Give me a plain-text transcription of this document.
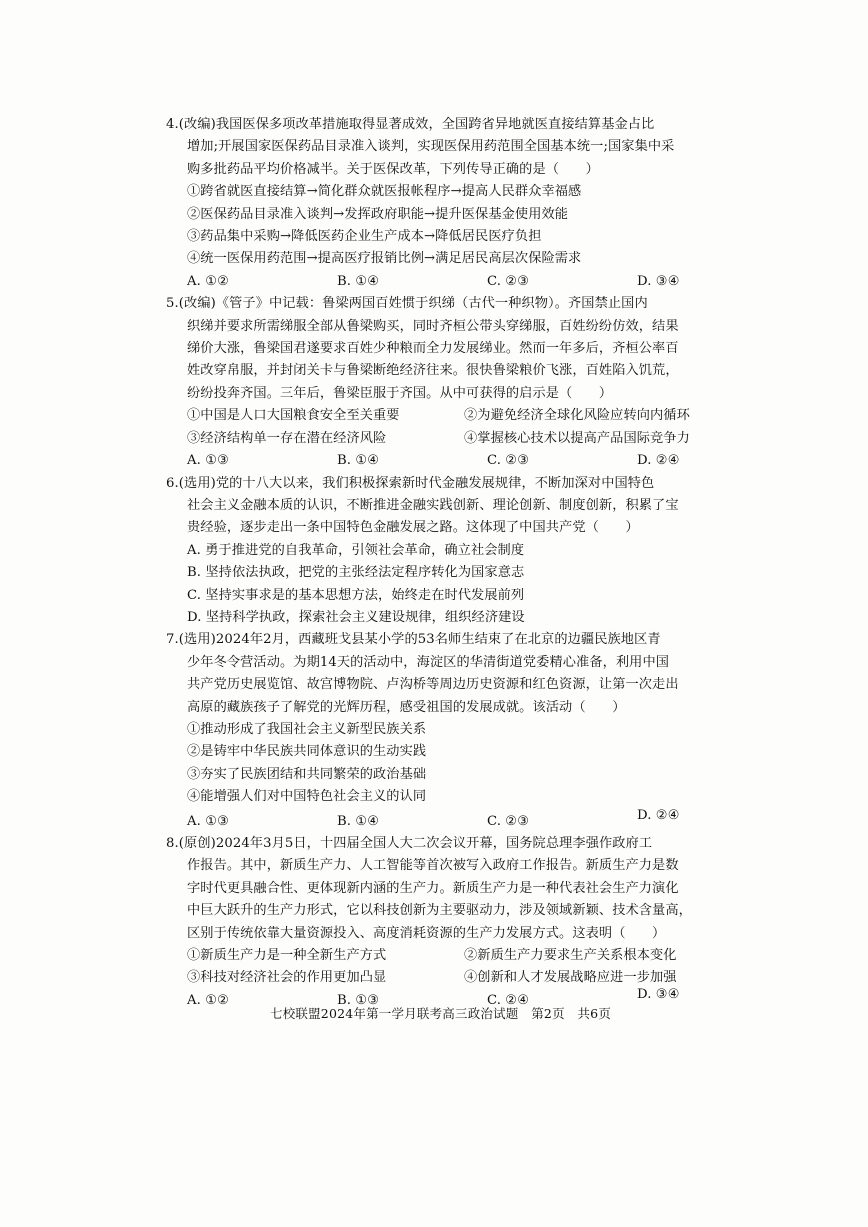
4.(改编)我国医保多项改革措施取得显著成效，全国跨省异地就医直接结算基金占比

增加;开展国家医保药品目录准入谈判，实现医保用药范围全国基本统一;国家集中采

购多批药品平均价格减半。关于医保改革，下列传导正确的是（　　）

①跨省就医直接结算→简化群众就医报帐程序→提高人民群众幸福感

②医保药品目录准入谈判→发挥政府职能→提升医保基金使用效能

③药品集中采购→降低医药企业生产成本→降低居民医疗负担

④统一医保用药范围→提高医疗报销比例→满足居民高层次保险需求

A. ①②	B. ①④	C. ②③	D. ③④

5.(改编)《管子》中记载：鲁梁两国百姓惯于织绨（古代一种织物）。齐国禁止国内

织绨并要求所需绨服全部从鲁梁购买，同时齐桓公带头穿绨服，百姓纷纷仿效，结果

绨价大涨，鲁梁国君遂要求百姓少种粮而全力发展绨业。然而一年多后，齐桓公率百

姓改穿帛服，并封闭关卡与鲁梁断绝经济往来。很快鲁梁粮价飞涨，百姓陷入饥荒，

纷纷投奔齐国。三年后，鲁梁臣服于齐国。从中可获得的启示是（　　）

①中国是人口大国粮食安全至关重要	②为避免经济全球化风险应转向内循环
③经济结构单一存在潜在经济风险	④掌握核心技术以提高产品国际竞争力
A. ①③	B. ①④	C. ②③	D. ②④

6.(选用)党的十八大以来，我们积极探索新时代金融发展规律，不断加深对中国特色

社会主义金融本质的认识，不断推进金融实践创新、理论创新、制度创新，积累了宝

贵经验，逐步走出一条中国特色金融发展之路。这体现了中国共产党（　　）

A. 勇于推进党的自我革命，引领社会革命，确立社会制度

B. 坚持依法执政，把党的主张经法定程序转化为国家意志

C. 坚持实事求是的基本思想方法，始终走在时代发展前列

D. 坚持科学执政，探索社会主义建设规律，组织经济建设

7.(选用)2024年2月，西藏班戈县某小学的53名师生结束了在北京的边疆民族地区青

少年冬令营活动。为期14天的活动中，海淀区的华清街道党委精心准备，利用中国

共产党历史展览馆、故宫博物院、卢沟桥等周边历史资源和红色资源，让第一次走出

高原的藏族孩子了解党的光辉历程，感受祖国的发展成就。该活动（　　）

①推动形成了我国社会主义新型民族关系

②是铸牢中华民族共同体意识的生动实践

③夯实了民族团结和共同繁荣的政治基础

④能增强人们对中国特色社会主义的认同

A. ①③	B. ①④	C. ②③	D. ②④

8.(原创)2024年3月5日，十四届全国人大二次会议开幕，国务院总理李强作政府工

作报告。其中，新质生产力、人工智能等首次被写入政府工作报告。新质生产力是数

字时代更具融合性、更体现新内涵的生产力。新质生产力是一种代表社会生产力演化

中巨大跃升的生产力形式，它以科技创新为主要驱动力，涉及领域新颖、技术含量高，

区别于传统依靠大量资源投入、高度消耗资源的生产力发展方式。这表明（　　）

①新质生产力是一种全新生产方式	②新质生产力要求生产关系根本变化
③科技对经济社会的作用更加凸显	④创新和人才发展战略应进一步加强
A. ①②	B. ①③	C. ②④	D. ③④
七校联盟2024年第一学月联考高三政治试题　第2页　共6页
